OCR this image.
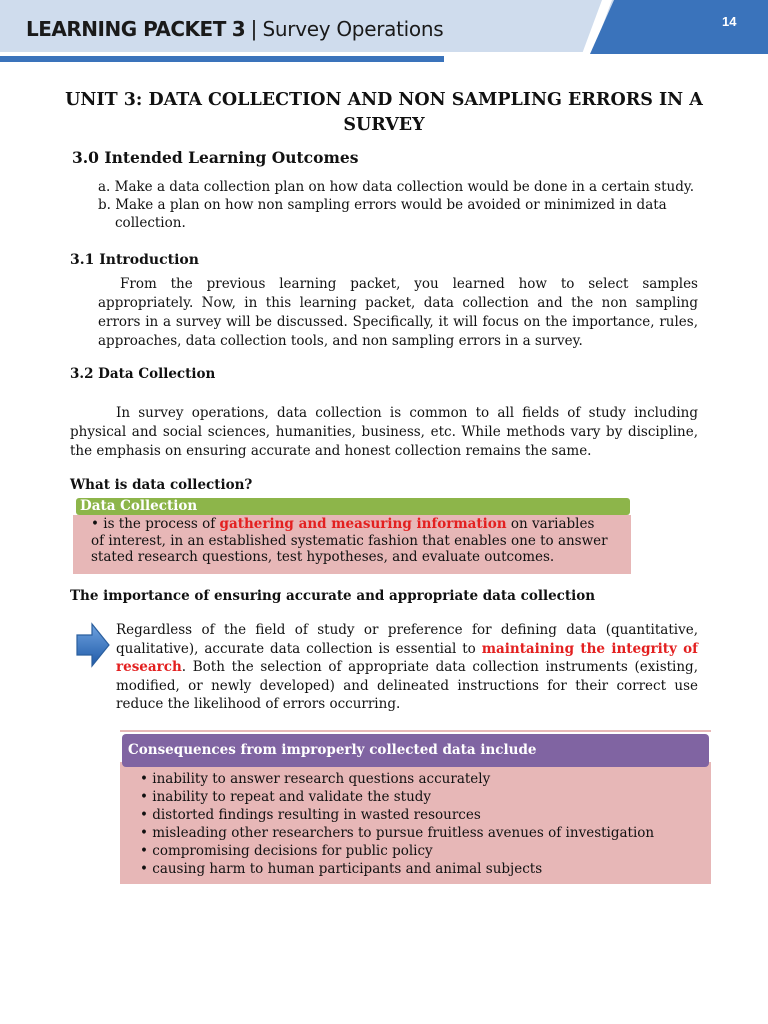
LEARNING PACKET 3 | Survey Operations	14
UNIT 3: DATA COLLECTION AND NON SAMPLING ERRORS IN A SURVEY
3.0 Intended Learning Outcomes
a. Make a data collection plan on how data collection would be done in a certain study.
b. Make a plan on how non sampling errors would be avoided or minimized in data collection.
3.1 Introduction
From the previous learning packet, you learned how to select samples appropriately. Now, in this learning packet, data collection and the non sampling errors in a survey will be discussed. Specifically, it will focus on the importance, rules, approaches, data collection tools, and non sampling errors in a survey.
3.2 Data Collection
In survey operations, data collection is common to all fields of study including physical and social sciences, humanities, business, etc. While methods vary by discipline, the emphasis on ensuring accurate and honest collection remains the same.
What is data collection?
• is the process of gathering and measuring information on variables of interest, in an established systematic fashion that enables one to answer stated research questions, test hypotheses, and evaluate outcomes.
Data Collection
The importance of ensuring accurate and appropriate data collection
Regardless of the field of study or preference for defining data (quantitative, qualitative), accurate data collection is essential to maintaining the integrity of research. Both the selection of appropriate data collection instruments (existing, modified, or newly developed) and delineated instructions for their correct use reduce the likelihood of errors occurring.
Consequences from improperly collected data include
• inability to answer research questions accurately
• inability to repeat and validate the study
• distorted findings resulting in wasted resources
• misleading other researchers to pursue fruitless avenues of investigation
• compromising decisions for public policy
• causing harm to human participants and animal subjects
